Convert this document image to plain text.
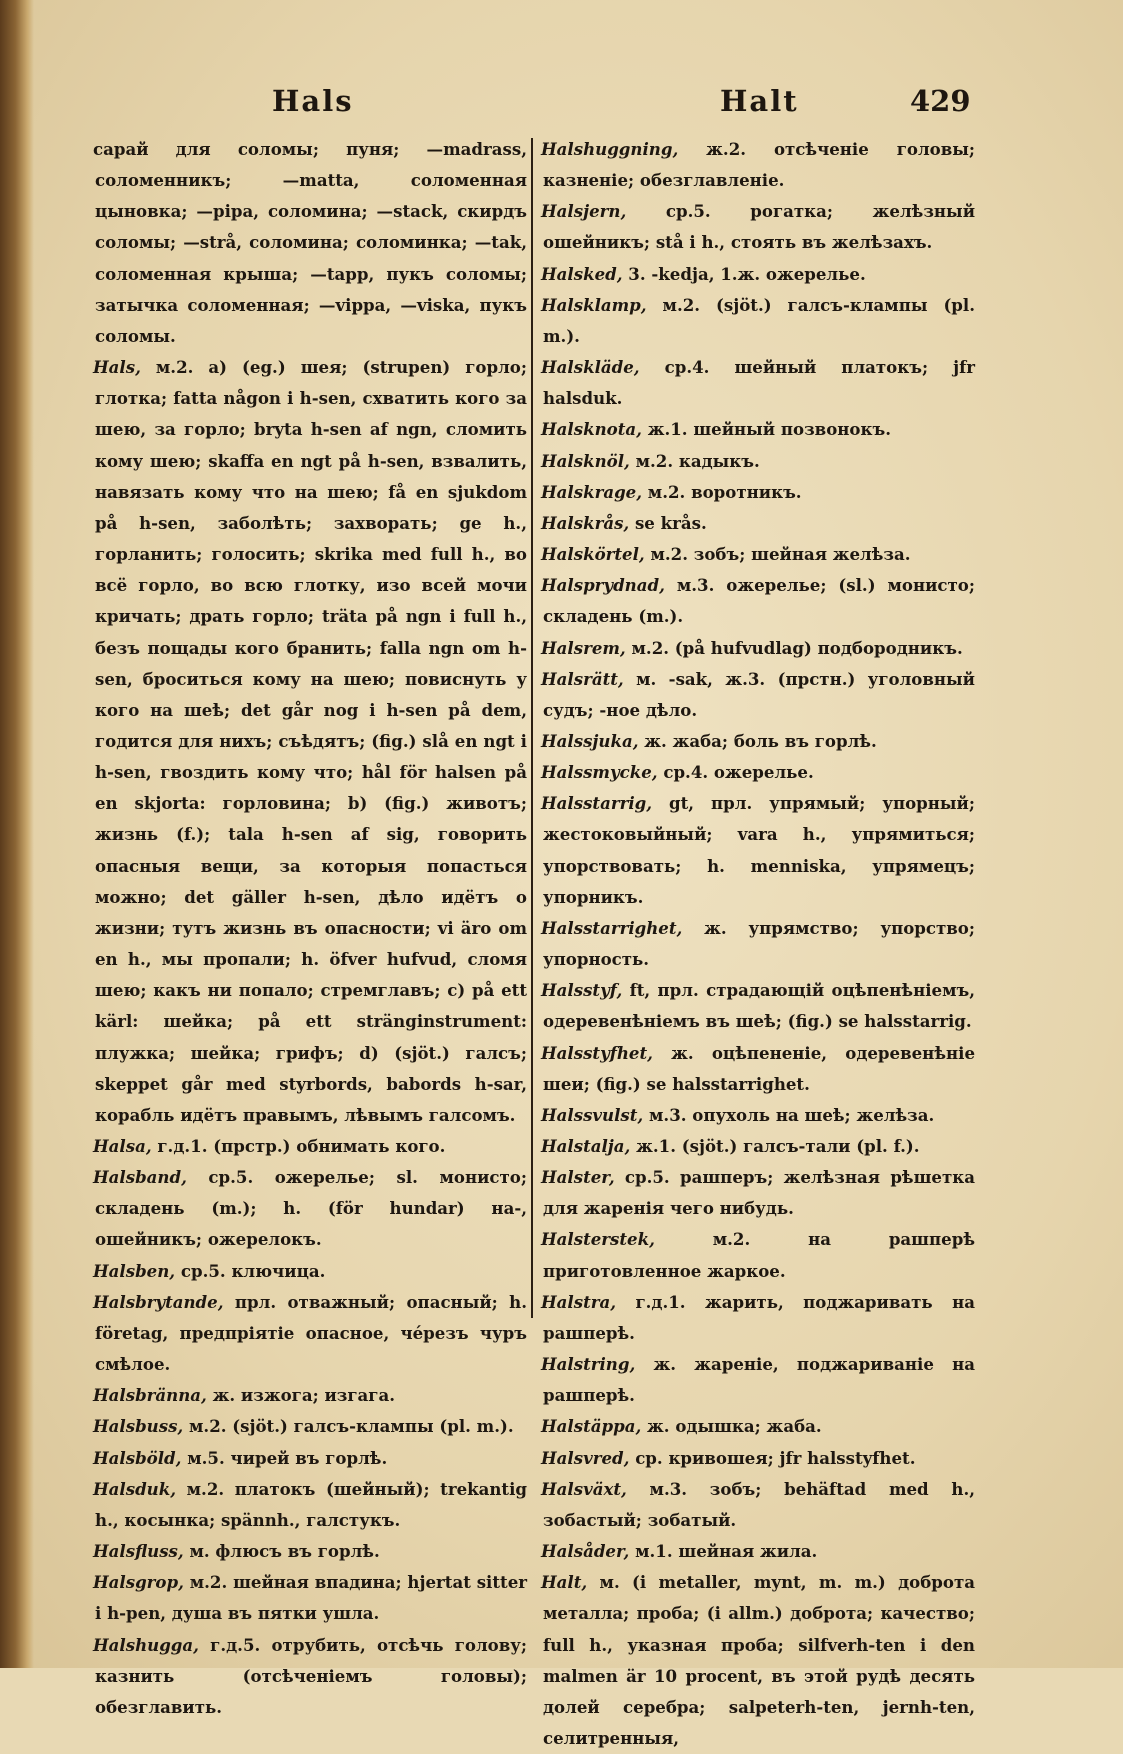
Hals	Halt	429
сарай для соломы; пуня; —madrass, соломенникъ; —matta, соломенная цыновка; —pipa, соломина; —stack, скирдъ соломы; —strå, соломина; соломинка; —tak, соломенная крыша; —tapp, пукъ соломы; затычка соломенная; —vippa, —viska, пукъ соломы.
Hals, м.2. а) (eg.) шея; (strupen) горло; глотка; fatta någon i h-sen, схватить кого за шею, за горло; bryta h-sen af ngn, сломить кому шею; skaffa en ngt på h-sen, взвалить, навязать кому что на шею; få en sjukdom på h-sen, заболѣть; захворать; ge h., горланить; голосить; skrika med full h., во всё горло, во всю глотку, изо всей мочи кричать; драть горло; träta på ngn i full h., безъ пощады кого бранить; falla ngn om h-sen, броситься кому на шею; повиснуть у кого на шеѣ; det går nog i h-sen på dem, годится для нихъ; съѣдятъ; (fig.) slå en ngt i h-sen, гвоздить кому что; hål för halsen på en skjorta: горловина; b) (fig.) животъ; жизнь (f.); tala h-sen af sig, говорить опасныя вещи, за которыя попастьcя можно; det gäller h-sen, дѣло идётъ о жизни; тутъ жизнь въ опасности; vi äro om en h., мы пропали; h. öfver hufvud, сломя шею; какъ ни попало; стремглавъ; с) på ett kärl: шейка; på ett stränginstrument: плужка; шейка; грифъ; d) (sjöt.) галсъ; skeppet går med styrbords, babords h-sar, корабль идётъ правымъ, лѣвымъ галсомъ.
Halsa, г.д.1. (прстр.) обнимать кого.
Halsband, ср.5. ожерелье; sl. монисто; складень (m.); h. (för hundar) на-, ошейникъ; ожерелокъ.
Halsben, ср.5. ключица.
Halsbrytande, прл. отважный; опасный; h. företag, предпріятіе опасное, чéрезъ чуръ смѣлое.
Halsbränna, ж. изжога; изгага.
Halsbuss, м.2. (sjöt.) галсъ-клампы (pl. m.).
Halsböld, м.5. чирей въ горлѣ.
Halsduk, м.2. платокъ (шейный); trekantig h., косынка; spännh., галстукъ.
Halsfluss, м. флюсъ въ горлѣ.
Halsgrop, м.2. шейная впадина; hjertat sitter i h-pen, душа въ пятки ушла.
Halshugga, г.д.5. отрубить, отсѣчь голову; казнить (отсѣченіемъ головы); обезглавить.
Halshuggning, ж.2. отсѣченіе головы; казненіе; обезглавленіе.
Halsjern, ср.5. рогатка; желѣзный ошейникъ; stå i h., стоять въ желѣзахъ.
Halsked, 3. -kedja, 1.ж. ожерелье.
Halsklamp, м.2. (sjöt.) галсъ-клампы (pl. m.).
Halskläde, ср.4. шейный платокъ; jfr halsduk.
Halsknota, ж.1. шейный позвонокъ.
Halsknöl, м.2. кадыкъ.
Halskrage, м.2. воротникъ.
Halskrås, se krås.
Halskörtel, м.2. зобъ; шейная желѣза.
Halsprydnad, м.3. ожерелье; (sl.) монисто; складень (m.).
Halsrem, м.2. (på hufvudlag) подбородникъ.
Halsrätt, м. -sak, ж.3. (прстн.) уголовный судъ; -ное дѣло.
Halssjuka, ж. жаба; боль въ горлѣ.
Halssmycke, ср.4. ожерелье.
Halsstarrig, gt, прл. упрямый; упорный; жестоковыйный; vara h., упрямиться; упорствовать; h. menniska, упрямецъ; упорникъ.
Halsstarrighet, ж. упрямство; упорство; упорность.
Halsstyf, ft, прл. страдающій оцѣпенѣніемъ, одеревенѣніемъ въ шеѣ; (fig.) se halsstarrig.
Halsstyfhet, ж. оцѣпененіе, одеревенѣніе шеи; (fig.) se halsstarrighet.
Halssvulst, м.3. опухоль на шеѣ; желѣза.
Halstalja, ж.1. (sjöt.) галсъ-тали (pl. f.).
Halster, ср.5. рашперъ; желѣзная рѣшетка для жаренія чего нибудь.
Halsterstek,	м.2. на рашперѣ приготовленное жаркое.
Halstra, г.д.1. жарить, поджаривать на рашперѣ.
Halstring, ж. жареніе, поджариваніе на рашперѣ.
Halstäppa, ж. одышка; жаба.
Halsvred, ср. кривошея; jfr halsstyfhet.
Halsväxt, м.3. зобъ; behäftad med h., зобастый; зобатый.
Halsåder, м.1. шейная жила.
Halt, м. (i metaller, mynt, m. m.) доброта металла; проба; (i allm.) доброта; качество; full h., указная проба; silfverh-ten i den malmen är 10 procent, въ этой рудѣ десять долей серебра; salpeterh-ten, jernh-ten, селитренныя,
